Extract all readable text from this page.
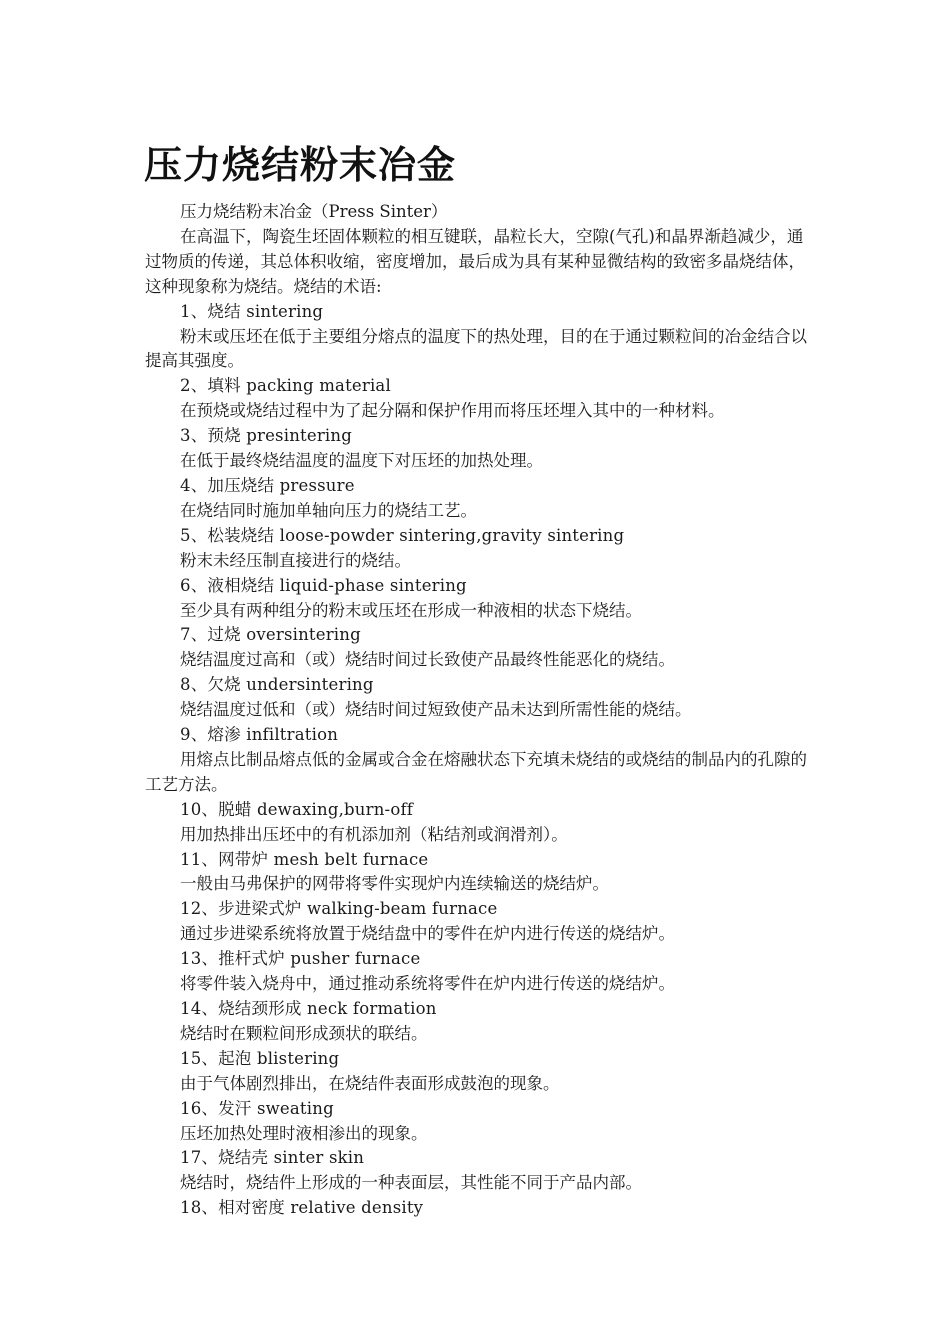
压力烧结粉末冶金

压力烧结粉末冶金（Press Sinter）

在高温下，陶瓷生坯固体颗粒的相互键联，晶粒长大，空隙(气孔)和晶界渐趋减少，通过物质的传递，其总体积收缩，密度增加，最后成为具有某种显微结构的致密多晶烧结体，这种现象称为烧结。烧结的术语:

1、烧结 sintering

粉末或压坯在低于主要组分熔点的温度下的热处理，目的在于通过颗粒间的冶金结合以提高其强度。

2、填料 packing material

在预烧或烧结过程中为了起分隔和保护作用而将压坯埋入其中的一种材料。

3、预烧 presintering

在低于最终烧结温度的温度下对压坯的加热处理。

4、加压烧结 pressure

在烧结同时施加单轴向压力的烧结工艺。

5、松装烧结 loose-powder sintering,gravity sintering

粉末未经压制直接进行的烧结。

6、液相烧结 liquid-phase sintering

至少具有两种组分的粉末或压坯在形成一种液相的状态下烧结。

7、过烧 oversintering

烧结温度过高和（或）烧结时间过长致使产品最终性能恶化的烧结。

8、欠烧 undersintering

烧结温度过低和（或）烧结时间过短致使产品未达到所需性能的烧结。

9、熔渗 infiltration

用熔点比制品熔点低的金属或合金在熔融状态下充填未烧结的或烧结的制品内的孔隙的工艺方法。

10、脱蜡 dewaxing,burn-off

用加热排出压坯中的有机添加剂（粘结剂或润滑剂）。

11、网带炉 mesh belt furnace

一般由马弗保护的网带将零件实现炉内连续输送的烧结炉。

12、步进梁式炉 walking-beam furnace

通过步进梁系统将放置于烧结盘中的零件在炉内进行传送的烧结炉。

13、推杆式炉 pusher furnace

将零件装入烧舟中，通过推动系统将零件在炉内进行传送的烧结炉。

14、烧结颈形成 neck formation

烧结时在颗粒间形成颈状的联结。

15、起泡 blistering

由于气体剧烈排出，在烧结件表面形成鼓泡的现象。

16、发汗 sweating

压坯加热处理时液相渗出的现象。

17、烧结壳 sinter skin

烧结时，烧结件上形成的一种表面层，其性能不同于产品内部。

18、相对密度 relative density
